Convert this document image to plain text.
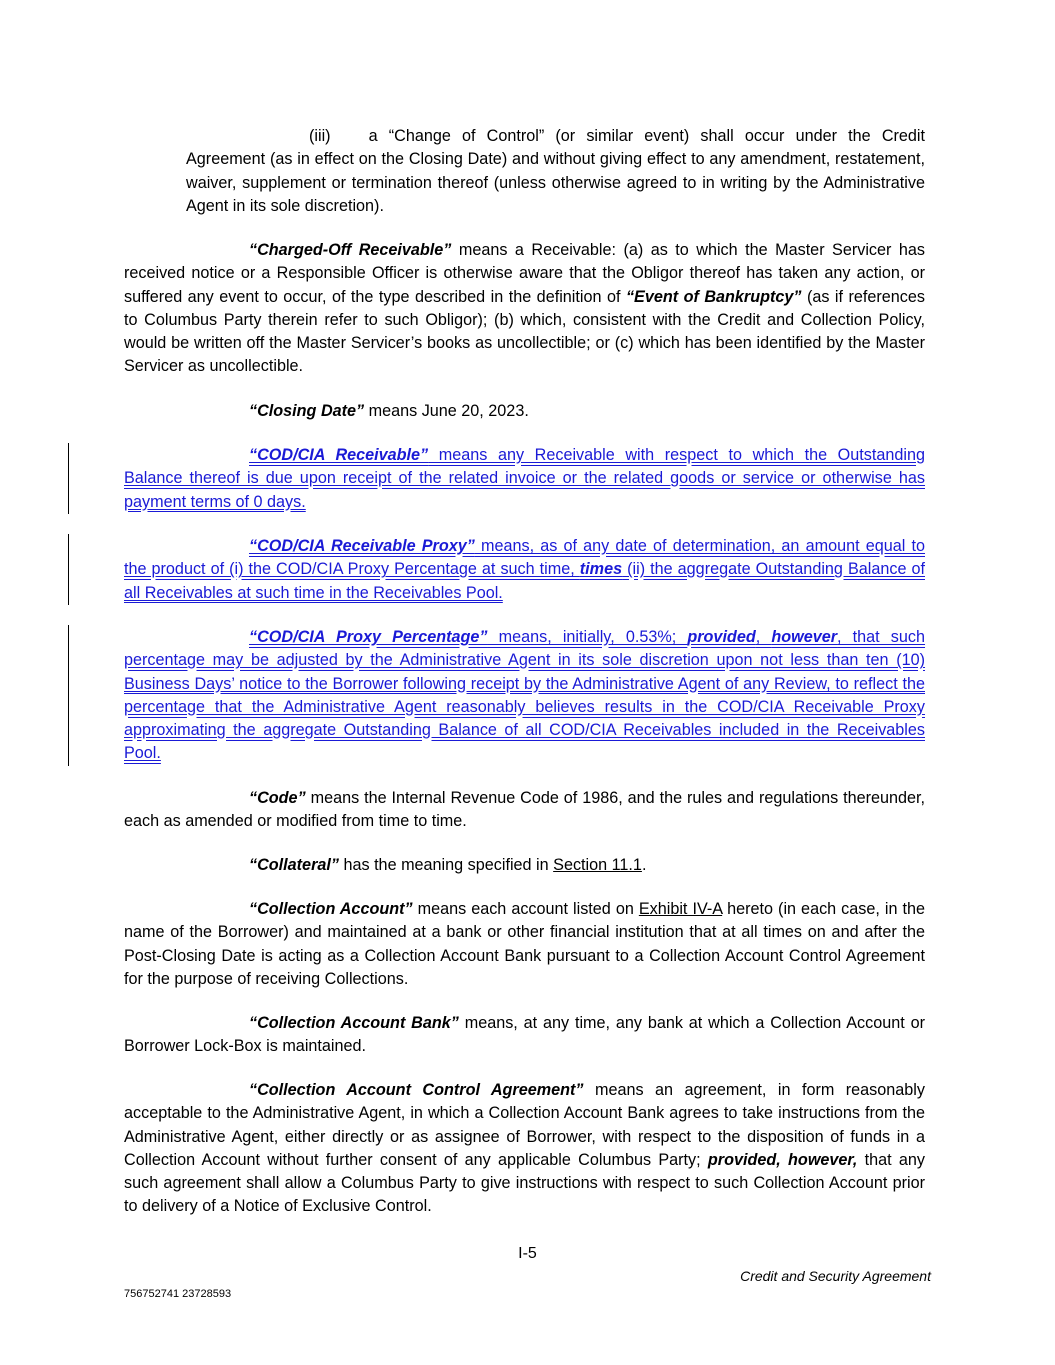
(iii) a “Change of Control” (or similar event) shall occur under the Credit Agreement (as in effect on the Closing Date) and without giving effect to any amendment, restatement, waiver, supplement or termination thereof (unless otherwise agreed to in writing by the Administrative Agent in its sole discretion).

“Charged-Off Receivable” means a Receivable: (a) as to which the Master Servicer has received notice or a Responsible Officer is otherwise aware that the Obligor thereof has taken any action, or suffered any event to occur, of the type described in the definition of “Event of Bankruptcy” (as if references to Columbus Party therein refer to such Obligor); (b) which, consistent with the Credit and Collection Policy, would be written off the Master Servicer’s books as uncollectible; or (c) which has been identified by the Master Servicer as uncollectible.

“Closing Date” means June 20, 2023.

“COD/CIA Receivable” means any Receivable with respect to which the Outstanding Balance thereof is due upon receipt of the related invoice or the related goods or service or otherwise has payment terms of 0 days.

“COD/CIA Receivable Proxy” means, as of any date of determination, an amount equal to the product of (i) the COD/CIA Proxy Percentage at such time, times (ii) the aggregate Outstanding Balance of all Receivables at such time in the Receivables Pool.

“COD/CIA Proxy Percentage” means, initially, 0.53%; provided, however, that such percentage may be adjusted by the Administrative Agent in its sole discretion upon not less than ten (10) Business Days’ notice to the Borrower following receipt by the Administrative Agent of any Review, to reflect the percentage that the Administrative Agent reasonably believes results in the COD/CIA Receivable Proxy approximating the aggregate Outstanding Balance of all COD/CIA Receivables included in the Receivables Pool.

“Code” means the Internal Revenue Code of 1986, and the rules and regulations thereunder, each as amended or modified from time to time.

“Collateral” has the meaning specified in Section 11.1.

“Collection Account” means each account listed on Exhibit IV-A hereto (in each case, in the name of the Borrower) and maintained at a bank or other financial institution that at all times on and after the Post-Closing Date is acting as a Collection Account Bank pursuant to a Collection Account Control Agreement for the purpose of receiving Collections.

“Collection Account Bank” means, at any time, any bank at which a Collection Account or Borrower Lock-Box is maintained.

“Collection Account Control Agreement” means an agreement, in form reasonably acceptable to the Administrative Agent, in which a Collection Account Bank agrees to take instructions from the Administrative Agent, either directly or as assignee of Borrower, with respect to the disposition of funds in a Collection Account without further consent of any applicable Columbus Party; provided, however, that any such agreement shall allow a Columbus Party to give instructions with respect to such Collection Account prior to delivery of a Notice of Exclusive Control.

I-5
Credit and Security Agreement
756752741 23728593
